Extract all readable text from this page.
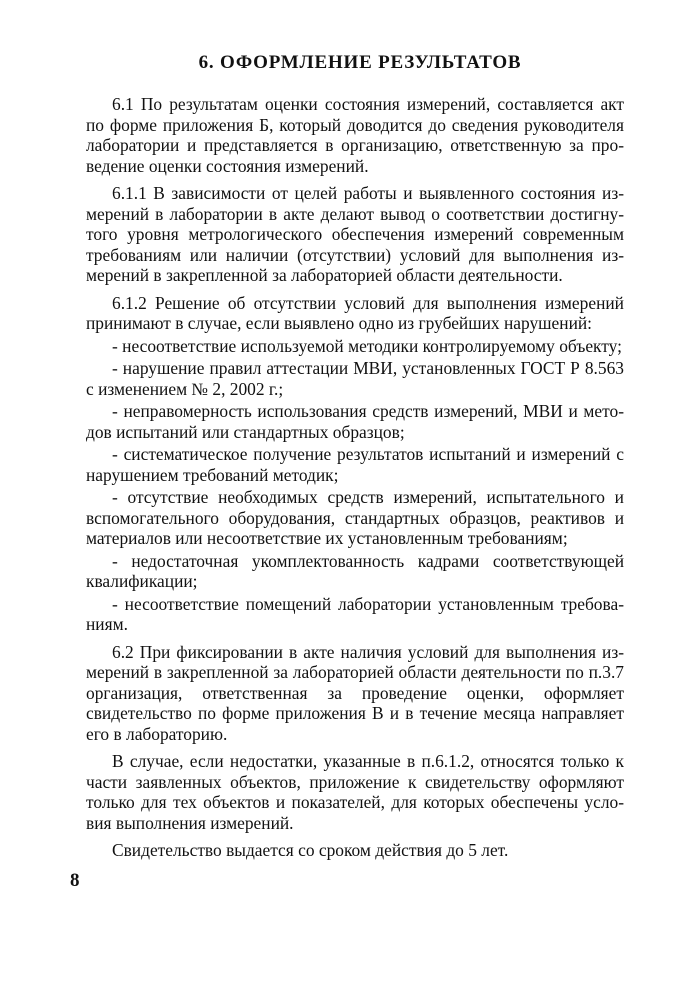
6. ОФОРМЛЕНИЕ РЕЗУЛЬТАТОВ

6.1 По результатам оценки состояния измерений, составляется акт по форме приложения Б, который доводится до сведения руководителя лаборатории и представляется в организацию, ответственную за проведение оценки состояния измерений.

6.1.1 В зависимости от целей работы и выявленного состояния измерений в лаборатории в акте делают вывод о соответствии достигнутого уровня метрологического обеспечения измерений современным требованиям или наличии (отсутствии) условий для выполнения измерений в закрепленной за лабораторией области деятельности.

6.1.2 Решение об отсутствии условий для выполнения измерений принимают в случае, если выявлено одно из грубейших нарушений:

- несоответствие используемой методики контролируемому объекту;

- нарушение правил аттестации МВИ, установленных ГОСТ Р 8.563 с изменением № 2, 2002 г.;

- неправомерность использования средств измерений, МВИ и методов испытаний или стандартных образцов;

- систематическое получение результатов испытаний и измерений с нарушением требований методик;

- отсутствие необходимых средств измерений, испытательного и вспомогательного оборудования, стандартных образцов, реактивов и материалов или несоответствие их установленным требованиям;

- недостаточная укомплектованность кадрами соответствующей квалификации;

- несоответствие помещений лаборатории установленным требованиям.

6.2 При фиксировании в акте наличия условий для выполнения измерений в закрепленной за лабораторией области деятельности по п.3.7 организация, ответственная за проведение оценки, оформляет свидетельство по форме приложения В и в течение месяца направляет его в лабораторию.

В случае, если недостатки, указанные в п.6.1.2, относятся только к части заявленных объектов, приложение к свидетельству оформляют только для тех объектов и показателей, для которых обеспечены условия выполнения измерений.

Свидетельство выдается со сроком действия до 5 лет.

8
